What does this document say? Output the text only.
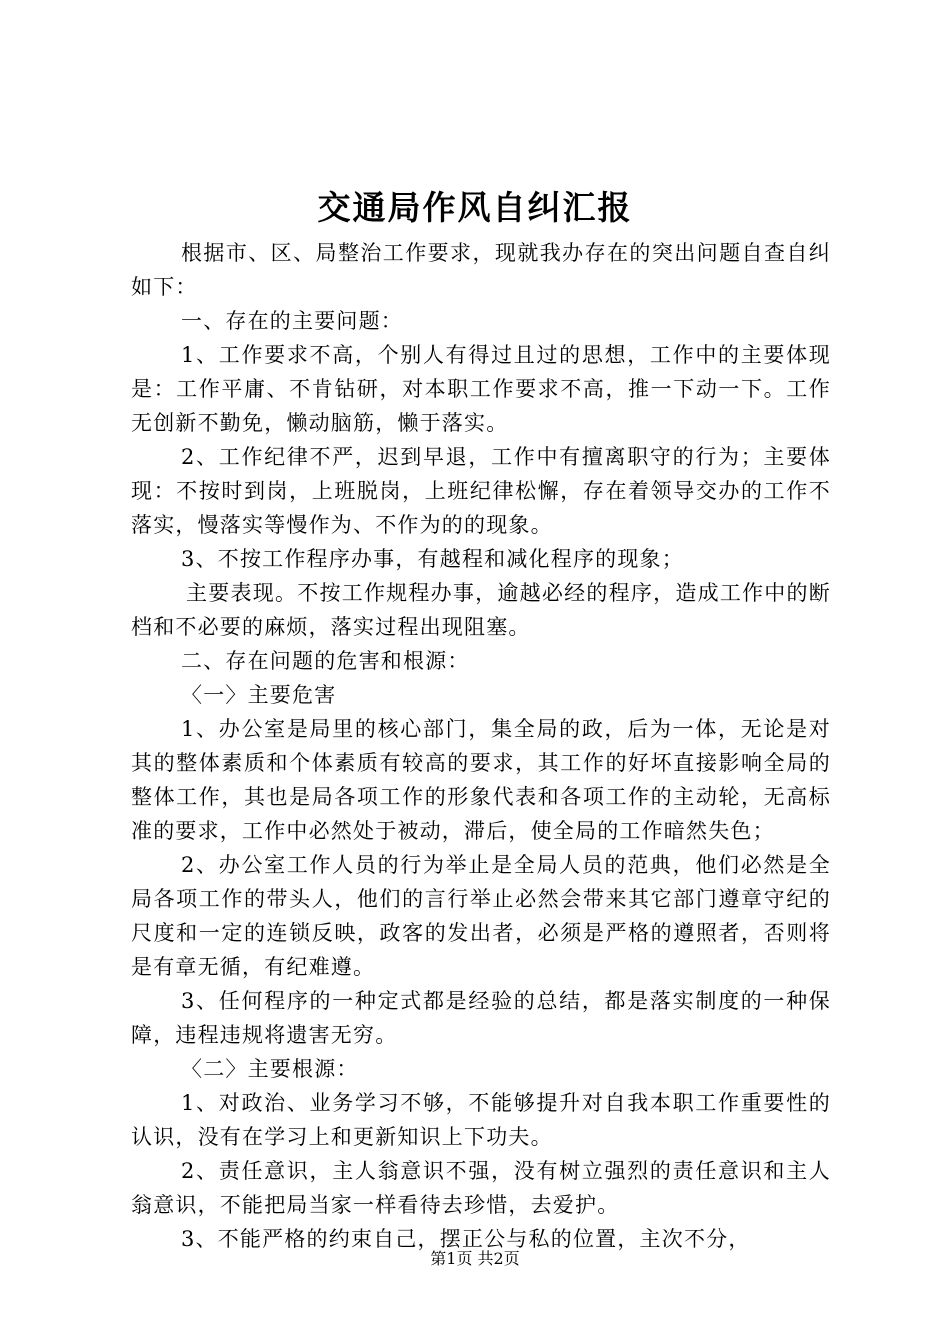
交通局作风自纠汇报

根据市、区、局整治工作要求，现就我办存在的突出问题自查自纠如下：

一、存在的主要问题：

1、工作要求不高，个别人有得过且过的思想，工作中的主要体现是：工作平庸、不肯钻研，对本职工作要求不高，推一下动一下。工作无创新不勤免，懒动脑筋，懒于落实。

2、工作纪律不严，迟到早退，工作中有擅离职守的行为；主要体现：不按时到岗，上班脱岗，上班纪律松懈，存在着领导交办的工作不落实，慢落实等慢作为、不作为的的现象。

3、不按工作程序办事，有越程和减化程序的现象；

主要表现。不按工作规程办事，逾越必经的程序，造成工作中的断档和不必要的麻烦，落实过程出现阻塞。

二、存在问题的危害和根源：

〈一〉主要危害

1、办公室是局里的核心部门，集全局的政，后为一体，无论是对其的整体素质和个体素质有较高的要求，其工作的好坏直接影响全局的整体工作，其也是局各项工作的形象代表和各项工作的主动轮，无高标准的要求，工作中必然处于被动，滞后，使全局的工作暗然失色；

2、办公室工作人员的行为举止是全局人员的范典，他们必然是全局各项工作的带头人，他们的言行举止必然会带来其它部门遵章守纪的尺度和一定的连锁反映，政客的发出者，必须是严格的遵照者，否则将是有章无循，有纪难遵。

3、任何程序的一种定式都是经验的总结，都是落实制度的一种保障，违程违规将遗害无穷。

〈二〉主要根源：

1、对政治、业务学习不够，不能够提升对自我本职工作重要性的认识，没有在学习上和更新知识上下功夫。

2、责任意识，主人翁意识不强，没有树立强烈的责任意识和主人翁意识，不能把局当家一样看待去珍惜，去爱护。

3、不能严格的约束自己，摆正公与私的位置，主次不分，

第1页 共2页
